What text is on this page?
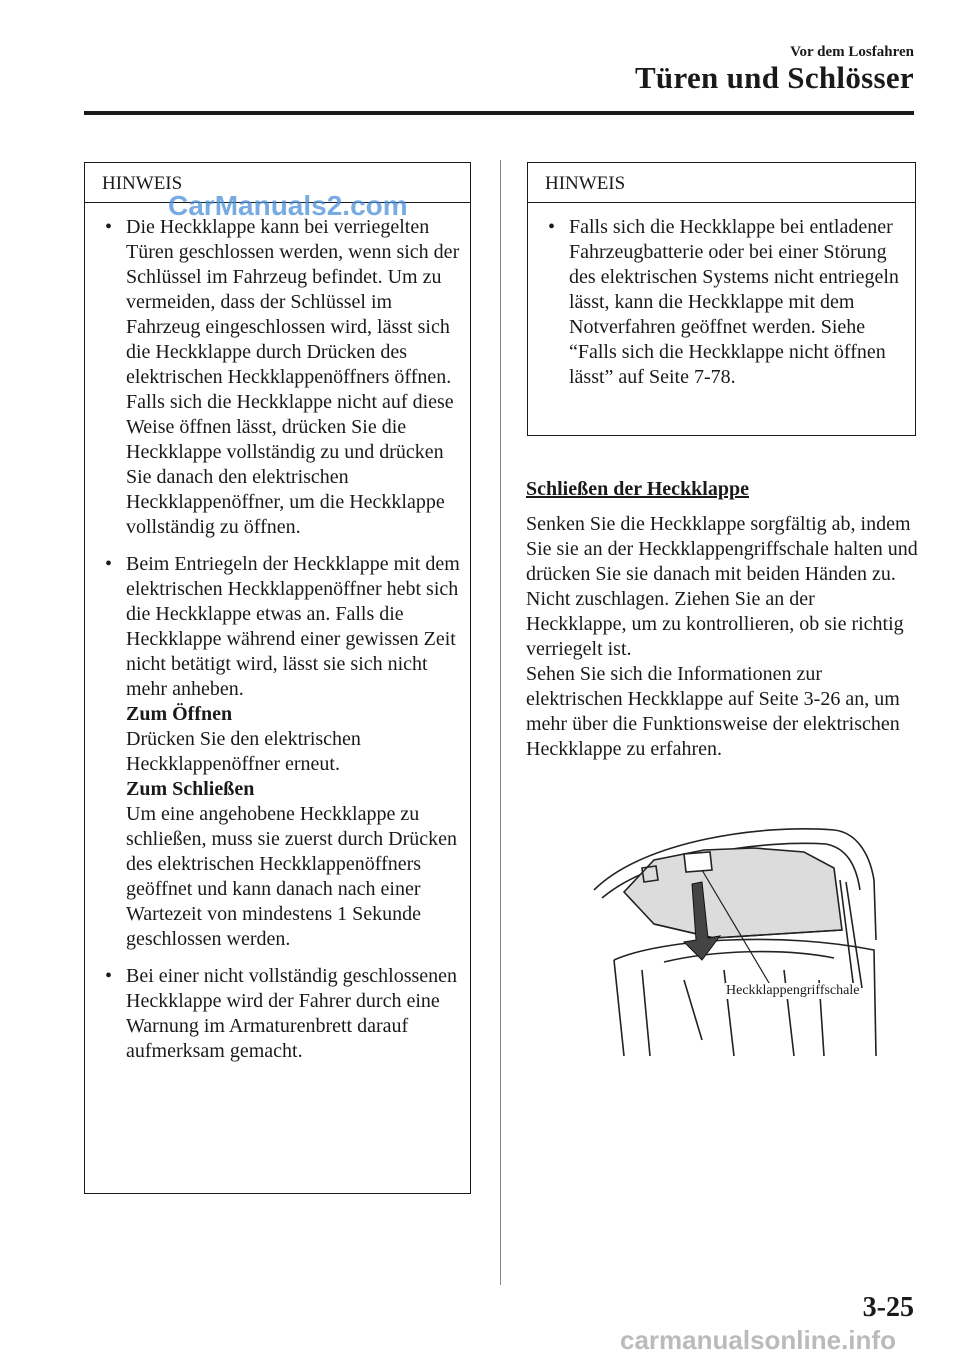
Vor dem Losfahren
Türen und Schlösser
HINWEIS
• Die Heckklappe kann bei verriegelten Türen geschlossen werden, wenn sich der Schlüssel im Fahrzeug befindet. Um zu vermeiden, dass der Schlüssel im Fahrzeug eingeschlossen wird, lässt sich die Heckklappe durch Drücken des elektrischen Heckklappenöffners öffnen. Falls sich die Heckklappe nicht auf diese Weise öffnen lässt, drücken Sie die Heckklappe vollständig zu und drücken Sie danach den elektrischen Heckklappenöffner, um die Heckklappe vollständig zu öffnen.

• Beim Entriegeln der Heckklappe mit dem elektrischen Heckklappenöffner hebt sich die Heckklappe etwas an. Falls die Heckklappe während einer gewissen Zeit nicht betätigt wird, lässt sie sich nicht mehr anheben.

Zum Öffnen

Drücken Sie den elektrischen Heckklappenöffner erneut.

Zum Schließen

Um eine angehobene Heckklappe zu schließen, muss sie zuerst durch Drücken des elektrischen Heckklappenöffners geöffnet und kann danach nach einer Wartezeit von mindestens 1 Sekunde geschlossen werden.

• Bei einer nicht vollständig geschlossenen Heckklappe wird der Fahrer durch eine Warnung im Armaturenbrett darauf aufmerksam gemacht.

CarManuals2.com
HINWEIS
• Falls sich die Heckklappe bei entladener Fahrzeugbatterie oder bei einer Störung des elektrischen Systems nicht entriegeln lässt, kann die Heckklappe mit dem Notverfahren geöffnet werden. Siehe “Falls sich die Heckklappe nicht öffnen lässt” auf Seite 7-78.

Schließen der Heckklappe

Senken Sie die Heckklappe sorgfältig ab, indem Sie sie an der Heckklappengriffschale halten und drücken Sie sie danach mit beiden Händen zu.

Nicht zuschlagen. Ziehen Sie an der Heckklappe, um zu kontrollieren, ob sie richtig verriegelt ist.

Sehen Sie sich die Informationen zur elektrischen Heckklappe auf Seite 3-26 an, um mehr über die Funktionsweise der elektrischen Heckklappe zu erfahren.

Heckklappengriffschale
3-25
carmanualsonline.info
